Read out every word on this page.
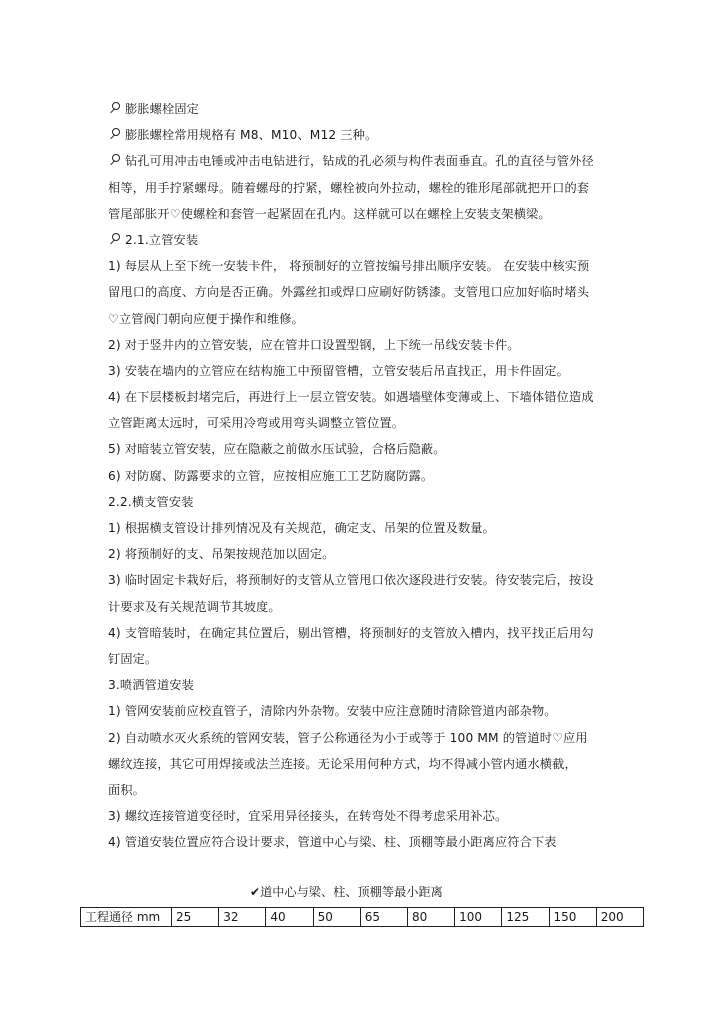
膨胀螺栓固定
膨胀螺栓常用规格有 M8、M10、M12 三种。
钻孔可用冲击电锤或冲击电钻进行，钻成的孔必须与构件表面垂直。孔的直径与管外径
相等，用手拧紧螺母。随着螺母的拧紧，螺栓被向外拉动，螺栓的锥形尾部就把开口的套
管尾部胀开♡使螺栓和套管一起紧固在孔内。这样就可以在螺栓上安装支架横梁。
2.1.立管安装
1) 每层从上至下统一安装卡件， 将预制好的立管按编号排出顺序安装。 在安装中核实预
留甩口的高度、方向是否正确。外露丝扣或焊口应刷好防锈漆。支管甩口应加好临时堵头
♡立管阀门朝向应便于操作和维修。
2) 对于竖井内的立管安装，应在管井口设置型钢，上下统一吊线安装卡件。
3) 安装在墙内的立管应在结构施工中预留管槽，立管安装后吊直找正，用卡件固定。
4) 在下层楼板封堵完后，再进行上一层立管安装。如遇墙壁体变薄或上、下墙体错位造成
立管距离太远时，可采用冷弯或用弯头调整立管位置。
5) 对暗装立管安装，应在隐蔽之前做水压试验，合格后隐蔽。
6) 对防腐、防露要求的立管，应按相应施工工艺防腐防露。
2.2.横支管安装
1) 根据横支管设计排列情况及有关规范，确定支、吊架的位置及数量。
2) 将预制好的支、吊架按规范加以固定。
3) 临时固定卡栽好后，将预制好的支管从立管甩口依次逐段进行安装。待安装完后，按设
计要求及有关规范调节其坡度。
4) 支管暗装时，在确定其位置后，剔出管槽，将预制好的支管放入槽内，找平找正后用勾
钉固定。
3.喷洒管道安装
1) 管网安装前应校直管子，清除内外杂物。安装中应注意随时清除管道内部杂物。
2) 自动喷水灭火系统的管网安装，管子公称通径为小于或等于 100 MM 的管道时♡应用
螺纹连接，其它可用焊接或法兰连接。无论采用何种方式，均不得减小管内通水横截，
面积。
3) 螺纹连接管道变径时，宜采用异径接头，在转弯处不得考虑采用补芯。
4) 管道安装位置应符合设计要求，管道中心与梁、柱、顶棚等最小距离应符合下表
✔道中心与梁、柱、顶棚等最小距离
工程通径 mm	25	32	40	50	65	80	100	125	150	200
